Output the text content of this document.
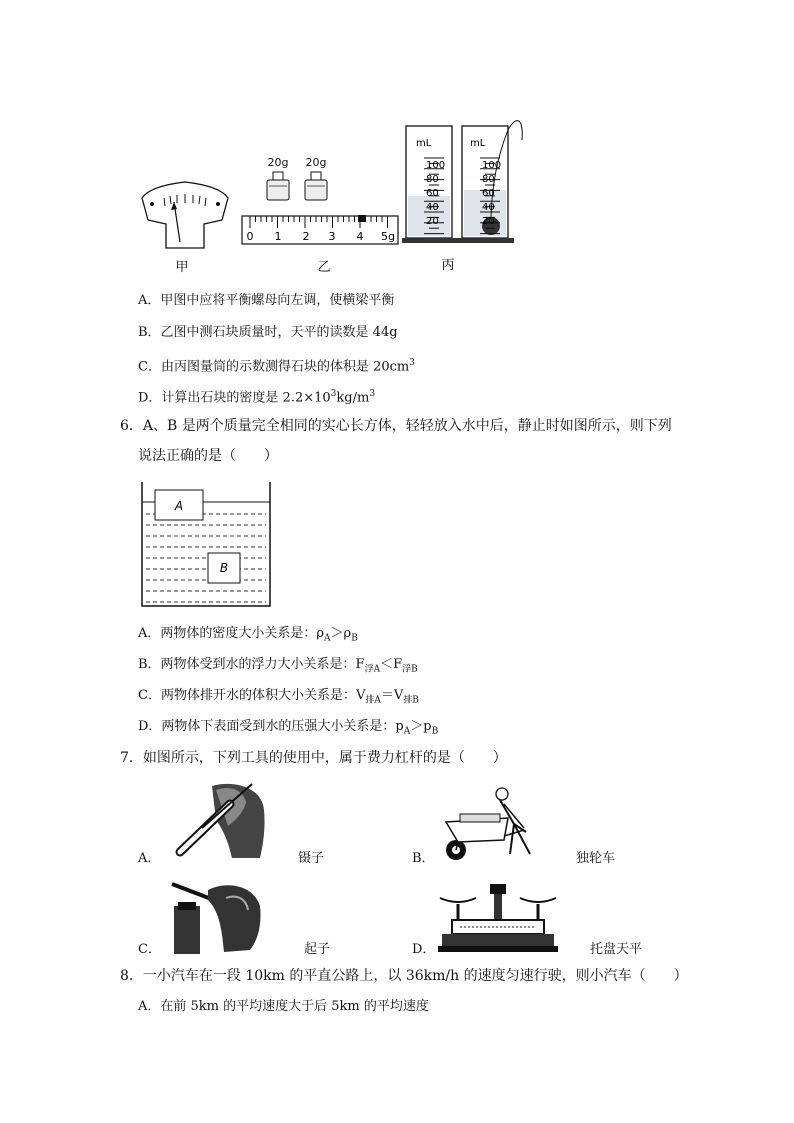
20g 20g
0 1 2 3 4 5g
mL
100
80
60
40
20
mL
100
80
60
40
20
甲	乙	丙
A．甲图中应将平衡螺母向左调，使横梁平衡
B．乙图中测石块质量时，天平的读数是 44g
C．由丙图量筒的示数测得石块的体积是 $20cm^3$
D．计算出石块的密度是 $2.2\times 10^3kg/m^3$
6．A、B 是两个质量完全相同的实心长方体，轻轻放入水中后，静止时如图所示，则下列
说法正确的是（　　）
A
B
A．两物体的密度大小关系是：$\rho_A>\rho_B$
B．两物体受到水的浮力大小关系是：$F_{浮A}<F_{浮B}$
C．两物体排开水的体积大小关系是：$V_{排A}=V_{排B}$
D．两物体下表面受到水的压强大小关系是：$p_A>p_B$
7．如图所示，下列工具的使用中，属于费力杠杆的是（　　）
A．	镊子	B．	独轮车
C．	起子	D．	托盘天平
8．一小汽车在一段 10km 的平直公路上，以 36km/h 的速度匀速行驶，则小汽车（　　）
A．在前 5km 的平均速度大于后 5km 的平均速度
